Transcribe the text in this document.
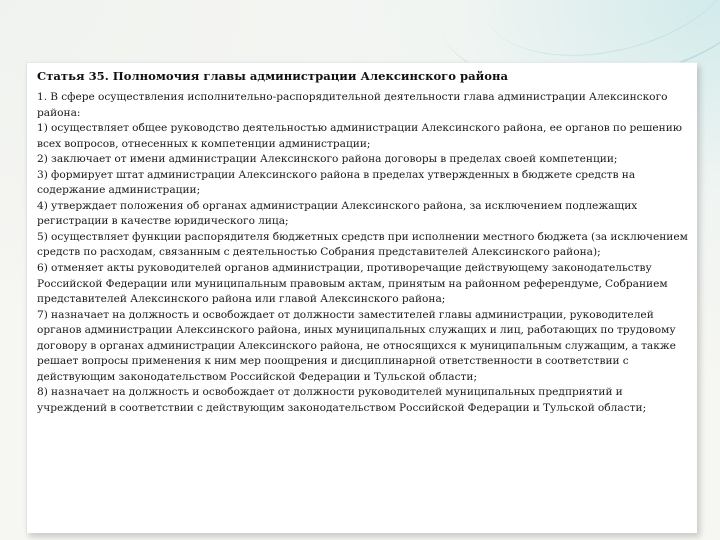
Статья 35. Полномочия главы администрации Алексинского района

1. В сфере осуществления исполнительно-распорядительной деятельности глава администрации Алексинского района:

1) осуществляет общее руководство деятельностью администрации Алексинского района, ее органов по решению всех вопросов, отнесенных к компетенции администрации;

2) заключает от имени администрации Алексинского района договоры в пределах своей компетенции;

3) формирует штат администрации Алексинского района в пределах утвержденных в бюджете средств на содержание администрации;

4) утверждает положения об органах администрации Алексинского района, за исключением подлежащих регистрации в качестве юридического лица;

5) осуществляет функции распорядителя бюджетных средств при исполнении местного бюджета (за исключением средств по расходам, связанным с деятельностью Собрания представителей Алексинского района);

6) отменяет акты руководителей органов администрации, противоречащие действующему законодательству Российской Федерации или муниципальным правовым актам, принятым на районном референдуме, Собранием представителей Алексинского района или главой Алексинского района;

7) назначает на должность и освобождает от должности заместителей главы администрации, руководителей органов администрации Алексинского района, иных муниципальных служащих и лиц, работающих по трудовому договору в органах администрации Алексинского района, не относящихся к муниципальным служащим, а также решает вопросы применения к ним мер поощрения и дисциплинарной ответственности в соответствии с действующим законодательством Российской Федерации и Тульской области;

8) назначает на должность и освобождает от должности руководителей муниципальных предприятий и учреждений в соответствии с действующим законодательством Российской Федерации и Тульской области;
